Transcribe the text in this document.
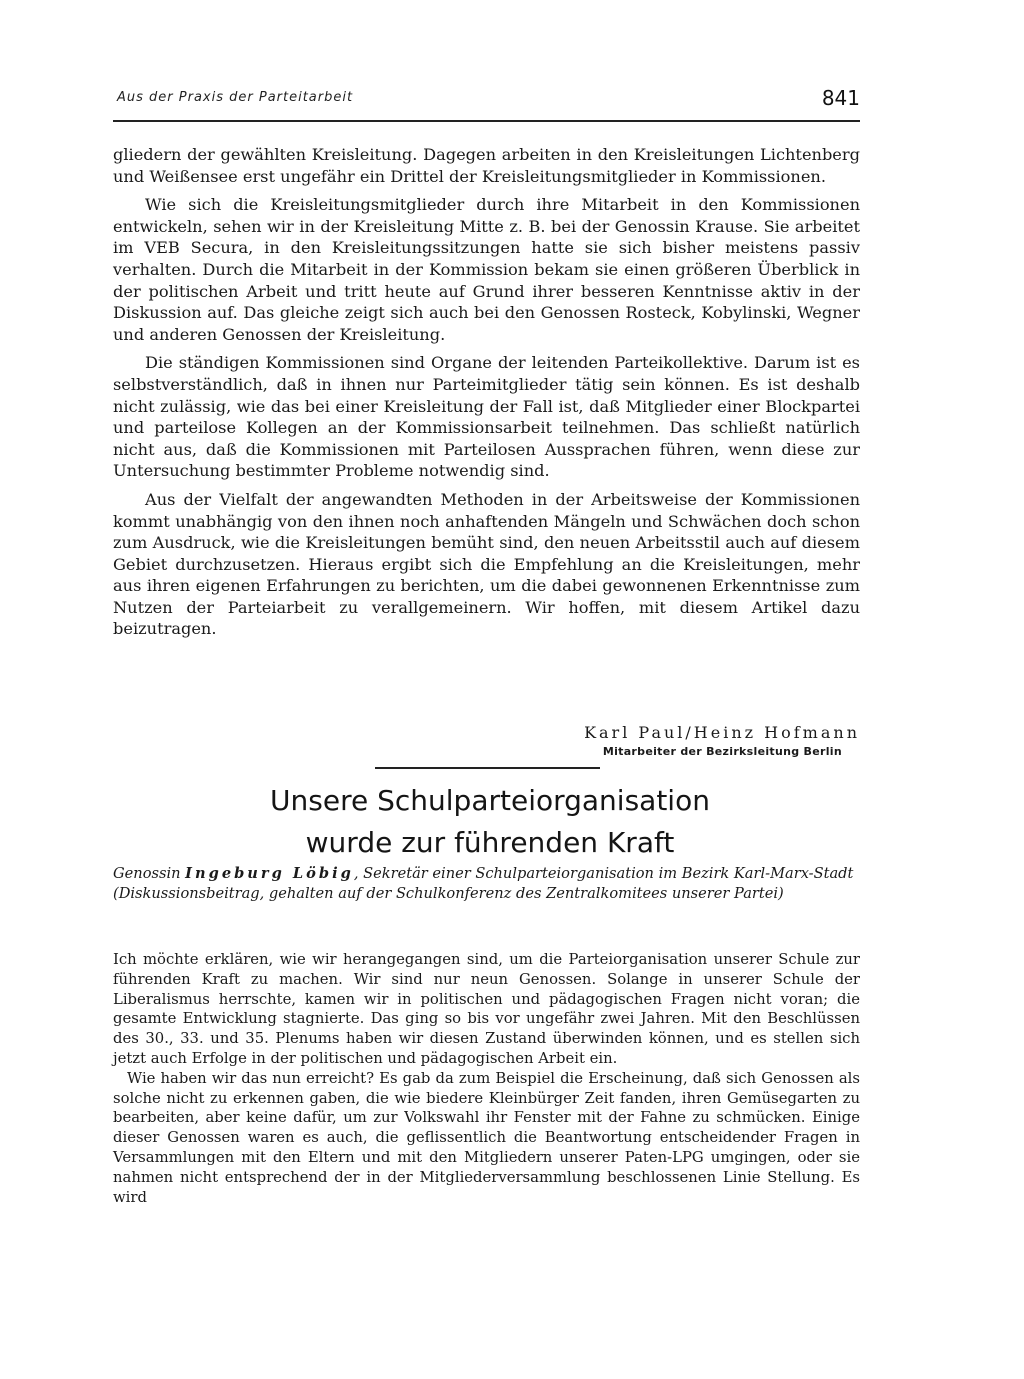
Aus der Praxis der Parteitarbeit	841

gliedern der gewählten Kreisleitung. Dagegen arbeiten in den Kreisleitungen Lichtenberg und Weißensee erst ungefähr ein Drittel der Kreisleitungsmitglieder in Kommissionen.

Wie sich die Kreisleitungsmitglieder durch ihre Mitarbeit in den Kommissionen entwickeln, sehen wir in der Kreisleitung Mitte z. B. bei der Genossin Krause. Sie arbeitet im VEB Secura, in den Kreisleitungssitzungen hatte sie sich bisher meistens passiv verhalten. Durch die Mitarbeit in der Kommission bekam sie einen größeren Überblick in der politischen Arbeit und tritt heute auf Grund ihrer besseren Kenntnisse aktiv in der Diskussion auf. Das gleiche zeigt sich auch bei den Genossen Rosteck, Kobylinski, Wegner und anderen Genossen der Kreisleitung.

Die ständigen Kommissionen sind Organe der leitenden Parteikollektive. Darum ist es selbstverständlich, daß in ihnen nur Parteimitglieder tätig sein können. Es ist deshalb nicht zulässig, wie das bei einer Kreisleitung der Fall ist, daß Mitglieder einer Blockpartei und parteilose Kollegen an der Kommissionsarbeit teilnehmen. Das schließt natürlich nicht aus, daß die Kommissionen mit Parteilosen Aussprachen führen, wenn diese zur Untersuchung bestimmter Probleme notwendig sind.

Aus der Vielfalt der angewandten Methoden in der Arbeitsweise der Kommissionen kommt unabhängig von den ihnen noch anhaftenden Mängeln und Schwächen doch schon zum Ausdruck, wie die Kreisleitungen bemüht sind, den neuen Arbeitsstil auch auf diesem Gebiet durchzusetzen. Hieraus ergibt sich die Empfehlung an die Kreisleitungen, mehr aus ihren eigenen Erfahrungen zu berichten, um die dabei gewonnenen Erkenntnisse zum Nutzen der Parteiarbeit zu verallgemeinern. Wir hoffen, mit diesem Artikel dazu beizutragen.

Karl Paul/Heinz Hofmann
Mitarbeiter der Bezirksleitung Berlin
Unsere Schulparteiorganisation
wurde zur führenden Kraft

Genossin Ingeburg Löbig, Sekretär einer Schulparteiorganisation im Bezirk Karl-Marx-Stadt

(Diskussionsbeitrag, gehalten auf der Schulkonferenz des Zentralkomitees unserer Partei)

Ich möchte erklären, wie wir herangegangen sind, um die Parteiorganisation unserer Schule zur führenden Kraft zu machen. Wir sind nur neun Genossen. Solange in unserer Schule der Liberalismus herrschte, kamen wir in politischen und pädagogischen Fragen nicht voran; die gesamte Entwicklung stagnierte. Das ging so bis vor ungefähr zwei Jahren. Mit den Beschlüssen des 30., 33. und 35. Plenums haben wir diesen Zustand überwinden können, und es stellen sich jetzt auch Erfolge in der politischen und pädagogischen Arbeit ein.

Wie haben wir das nun erreicht? Es gab da zum Beispiel die Erscheinung, daß sich Genossen als solche nicht zu erkennen gaben, die wie biedere Kleinbürger Zeit fanden, ihren Gemüsegarten zu bearbeiten, aber keine dafür, um zur Volkswahl ihr Fenster mit der Fahne zu schmücken. Einige dieser Genossen waren es auch, die geflissentlich die Beantwortung entscheidender Fragen in Versammlungen mit den Eltern und mit den Mitgliedern unserer Paten-LPG umgingen, oder sie nahmen nicht entsprechend der in der Mitgliederversammlung beschlossenen Linie Stellung. Es wird
